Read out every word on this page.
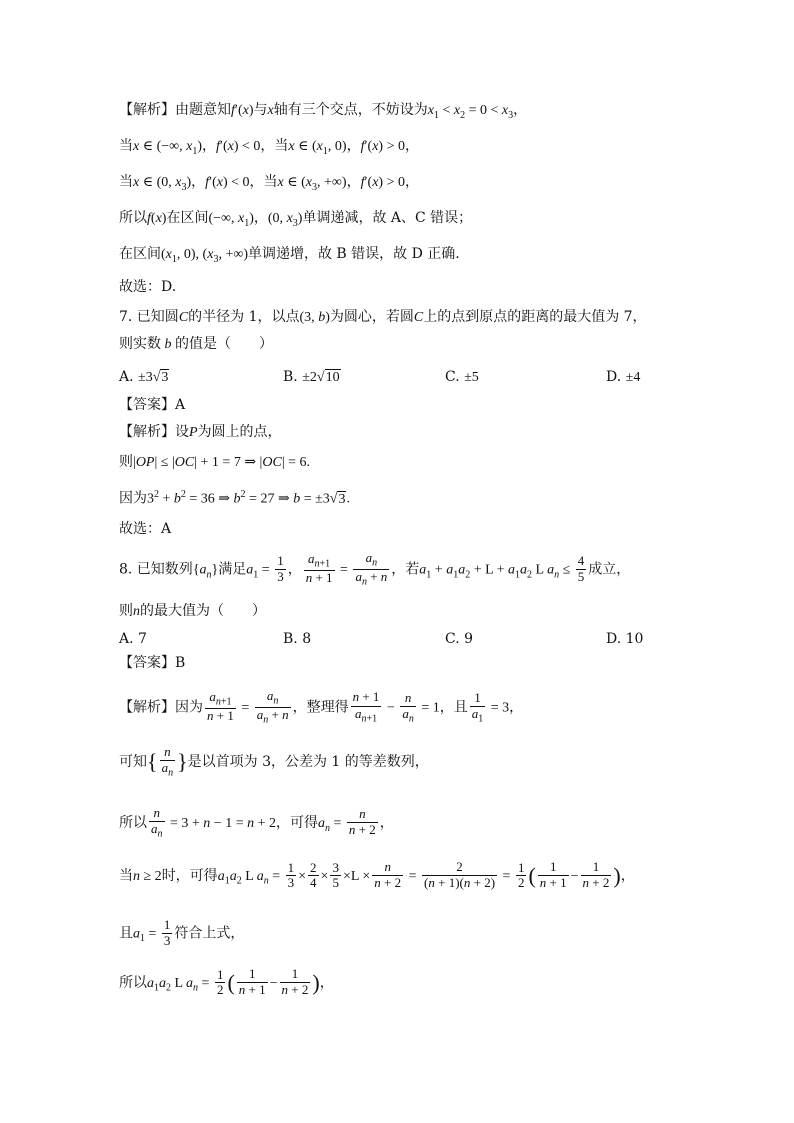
【解析】由题意知f′(x)与x轴有三个交点，不妨设为$x_1 < x_2 = 0 < x_3$，
当x ∈ (−∞, $x_1$)，f′(x) < 0，当x ∈ ($x_1$, 0)，f′(x) > 0，
当x ∈ (0, $x_3$)，f′(x) < 0，当x ∈ ($x_3$, +∞)，f′(x) > 0，
所以f(x)在区间(−∞, $x_1$)，(0, $x_3$)单调递减，故 A、C 错误；
在区间($x_1$, 0), ($x_3$, +∞)单调递增，故 B 错误，故 D 正确.
故选：D.
7. 已知圆C的半径为 1，以点(3, b)为圆心，若圆C上的点到原点的距离的最大值为 7，
则实数 b 的值是（　　）
A. ±3√3	B. ±2√10	C. ±5	D. ±4
【答案】A
【解析】设P为圆上的点，
则|OP| ≤ |OC| + 1 = 7 ⇒ |OC| = 6.
因为$3^2 + b^2 = 36$ ⇒ $b^2 = 27$ ⇒ b = ±3√3.
故选：A
8. 已知数列$\{a_n\}$满足$a_1 = \frac{1}{3}$ ， $\frac{a_{n+1}}{n + 1} = \frac{a_n}{a_n + n}$ ，若$a_1 + a_1a_2 + L + a_1a_2$ L $a_n \le \frac{4}{5}$ 成立，
则n的最大值为（　　）
A. 7	B. 8	C. 9	D. 10
【答案】B
【解析】因为 $\frac{a_{n+1}}{n + 1} = \frac{a_n}{a_n + n}$ ，整理得 $\frac{n + 1}{a_{n+1}} - \frac{n}{a_n} = 1$，且 $\frac{1}{a_1} = 3$，
可知{ $\frac{n}{a_n}$ }是以首项为 3，公差为 1 的等差数列，
所以 $\frac{n}{a_n} = 3 + n - 1 = n + 2$，可得$a_n = \frac{n}{n + 2}$ ，
当n ≥ 2时，可得$a_1a_2$ L $a_n = \frac{1}{3} \times \frac{2}{4} \times \frac{3}{5} \times L \times \frac{n}{n + 2} = \frac{2}{(n + 1)(n + 2)} = \frac{1}{2}$ ( $\frac{1}{n + 1} - \frac{1}{n + 2}$ )，
且$a_1 = \frac{1}{3}$ 符合上式，
所以$a_1a_2$ L $a_n = \frac{1}{2}$ ( $\frac{1}{n + 1} - \frac{1}{n + 2}$ )，
